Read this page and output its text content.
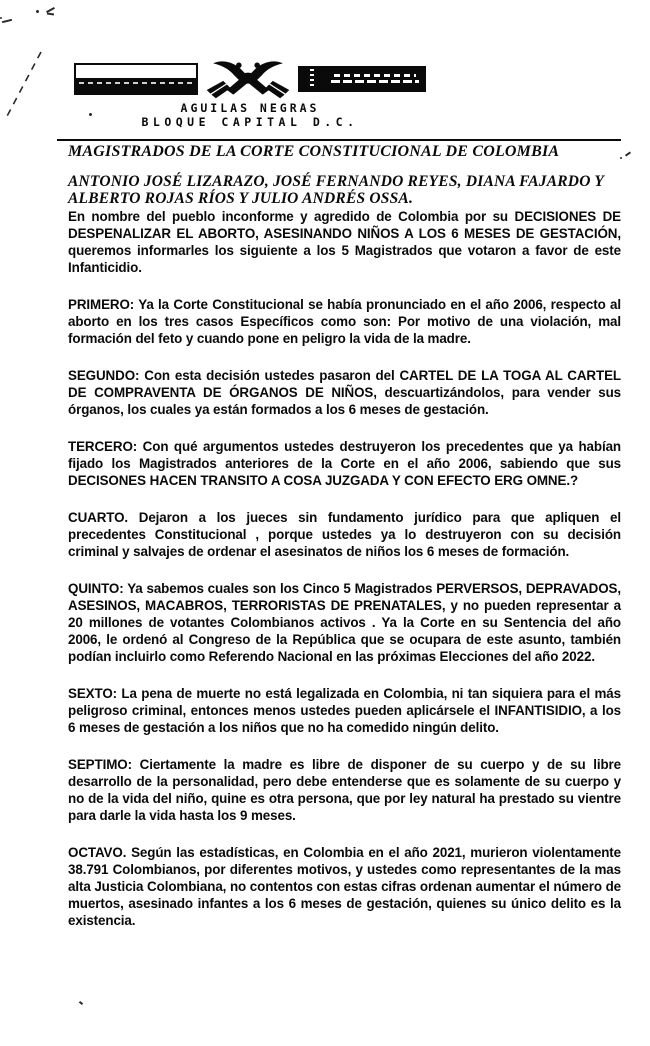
AGUILAS NEGRAS
BLOQUE CAPITAL D.C.
MAGISTRADOS DE LA CORTE CONSTITUCIONAL DE COLOMBIA

ANTONIO JOSÉ LIZARAZO, JOSÉ FERNANDO REYES, DIANA FAJARDO Y
ALBERTO ROJAS RÍOS Y JULIO ANDRÉS OSSA.

En nombre del pueblo inconforme y agredido de Colombia por su DECISIONES DE DESPENALIZAR EL ABORTO, ASESINANDO NIÑOS A LOS 6 MESES DE GESTACIÓN, queremos informarles los siguiente a los 5 Magistrados que votaron a favor de este Infanticidio.

PRIMERO: Ya la Corte Constitucional se había pronunciado en el año 2006, respecto al aborto en los tres casos Específicos como son: Por motivo de una violación, mal formación del feto y cuando pone en peligro la vida de la madre.

SEGUNDO: Con esta decisión ustedes pasaron del CARTEL DE LA TOGA AL CARTEL DE COMPRAVENTA DE ÓRGANOS DE NIÑOS, descuartizándolos, para vender sus órganos, los cuales ya están formados a los 6 meses de gestación.

TERCERO: Con qué argumentos ustedes destruyeron los precedentes que ya habían fijado los Magistrados anteriores de la Corte en el año 2006, sabiendo que sus DECISONES HACEN TRANSITO A COSA JUZGADA Y CON EFECTO ERG OMNE.?

CUARTO. Dejaron a los jueces sin fundamento jurídico para que apliquen el precedentes Constitucional , porque ustedes ya lo destruyeron con su decisión criminal y salvajes de ordenar el asesinatos de niños los 6 meses de formación.

QUINTO: Ya sabemos cuales son los Cinco 5 Magistrados PERVERSOS, DEPRAVADOS, ASESINOS, MACABROS, TERRORISTAS DE PRENATALES, y no pueden representar a 20 millones de votantes Colombianos activos . Ya la Corte en su Sentencia del año 2006, le ordenó al Congreso de la República que se ocupara de este asunto, también podían incluirlo como Referendo Nacional en las próximas Elecciones del año 2022.

SEXTO: La pena de muerte no está legalizada en Colombia, ni tan siquiera para el más peligroso criminal, entonces menos ustedes pueden aplicársele el INFANTISIDIO, a los 6 meses de gestación a los niños que no ha comedido ningún delito.

SEPTIMO: Ciertamente la madre es libre de disponer de su cuerpo y de su libre desarrollo de la personalidad, pero debe entenderse que es solamente de su cuerpo y no de la vida del niño, quine es otra persona, que por ley natural ha prestado su vientre para darle la vida hasta los 9 meses.

OCTAVO. Según las estadísticas, en Colombia en el año 2021, murieron violentamente 38.791 Colombianos, por diferentes motivos, y ustedes como representantes de la mas alta Justicia Colombiana, no contentos con estas cifras ordenan aumentar el número de muertos, asesinado infantes a los 6 meses de gestación, quienes su único delito es la existencia.
